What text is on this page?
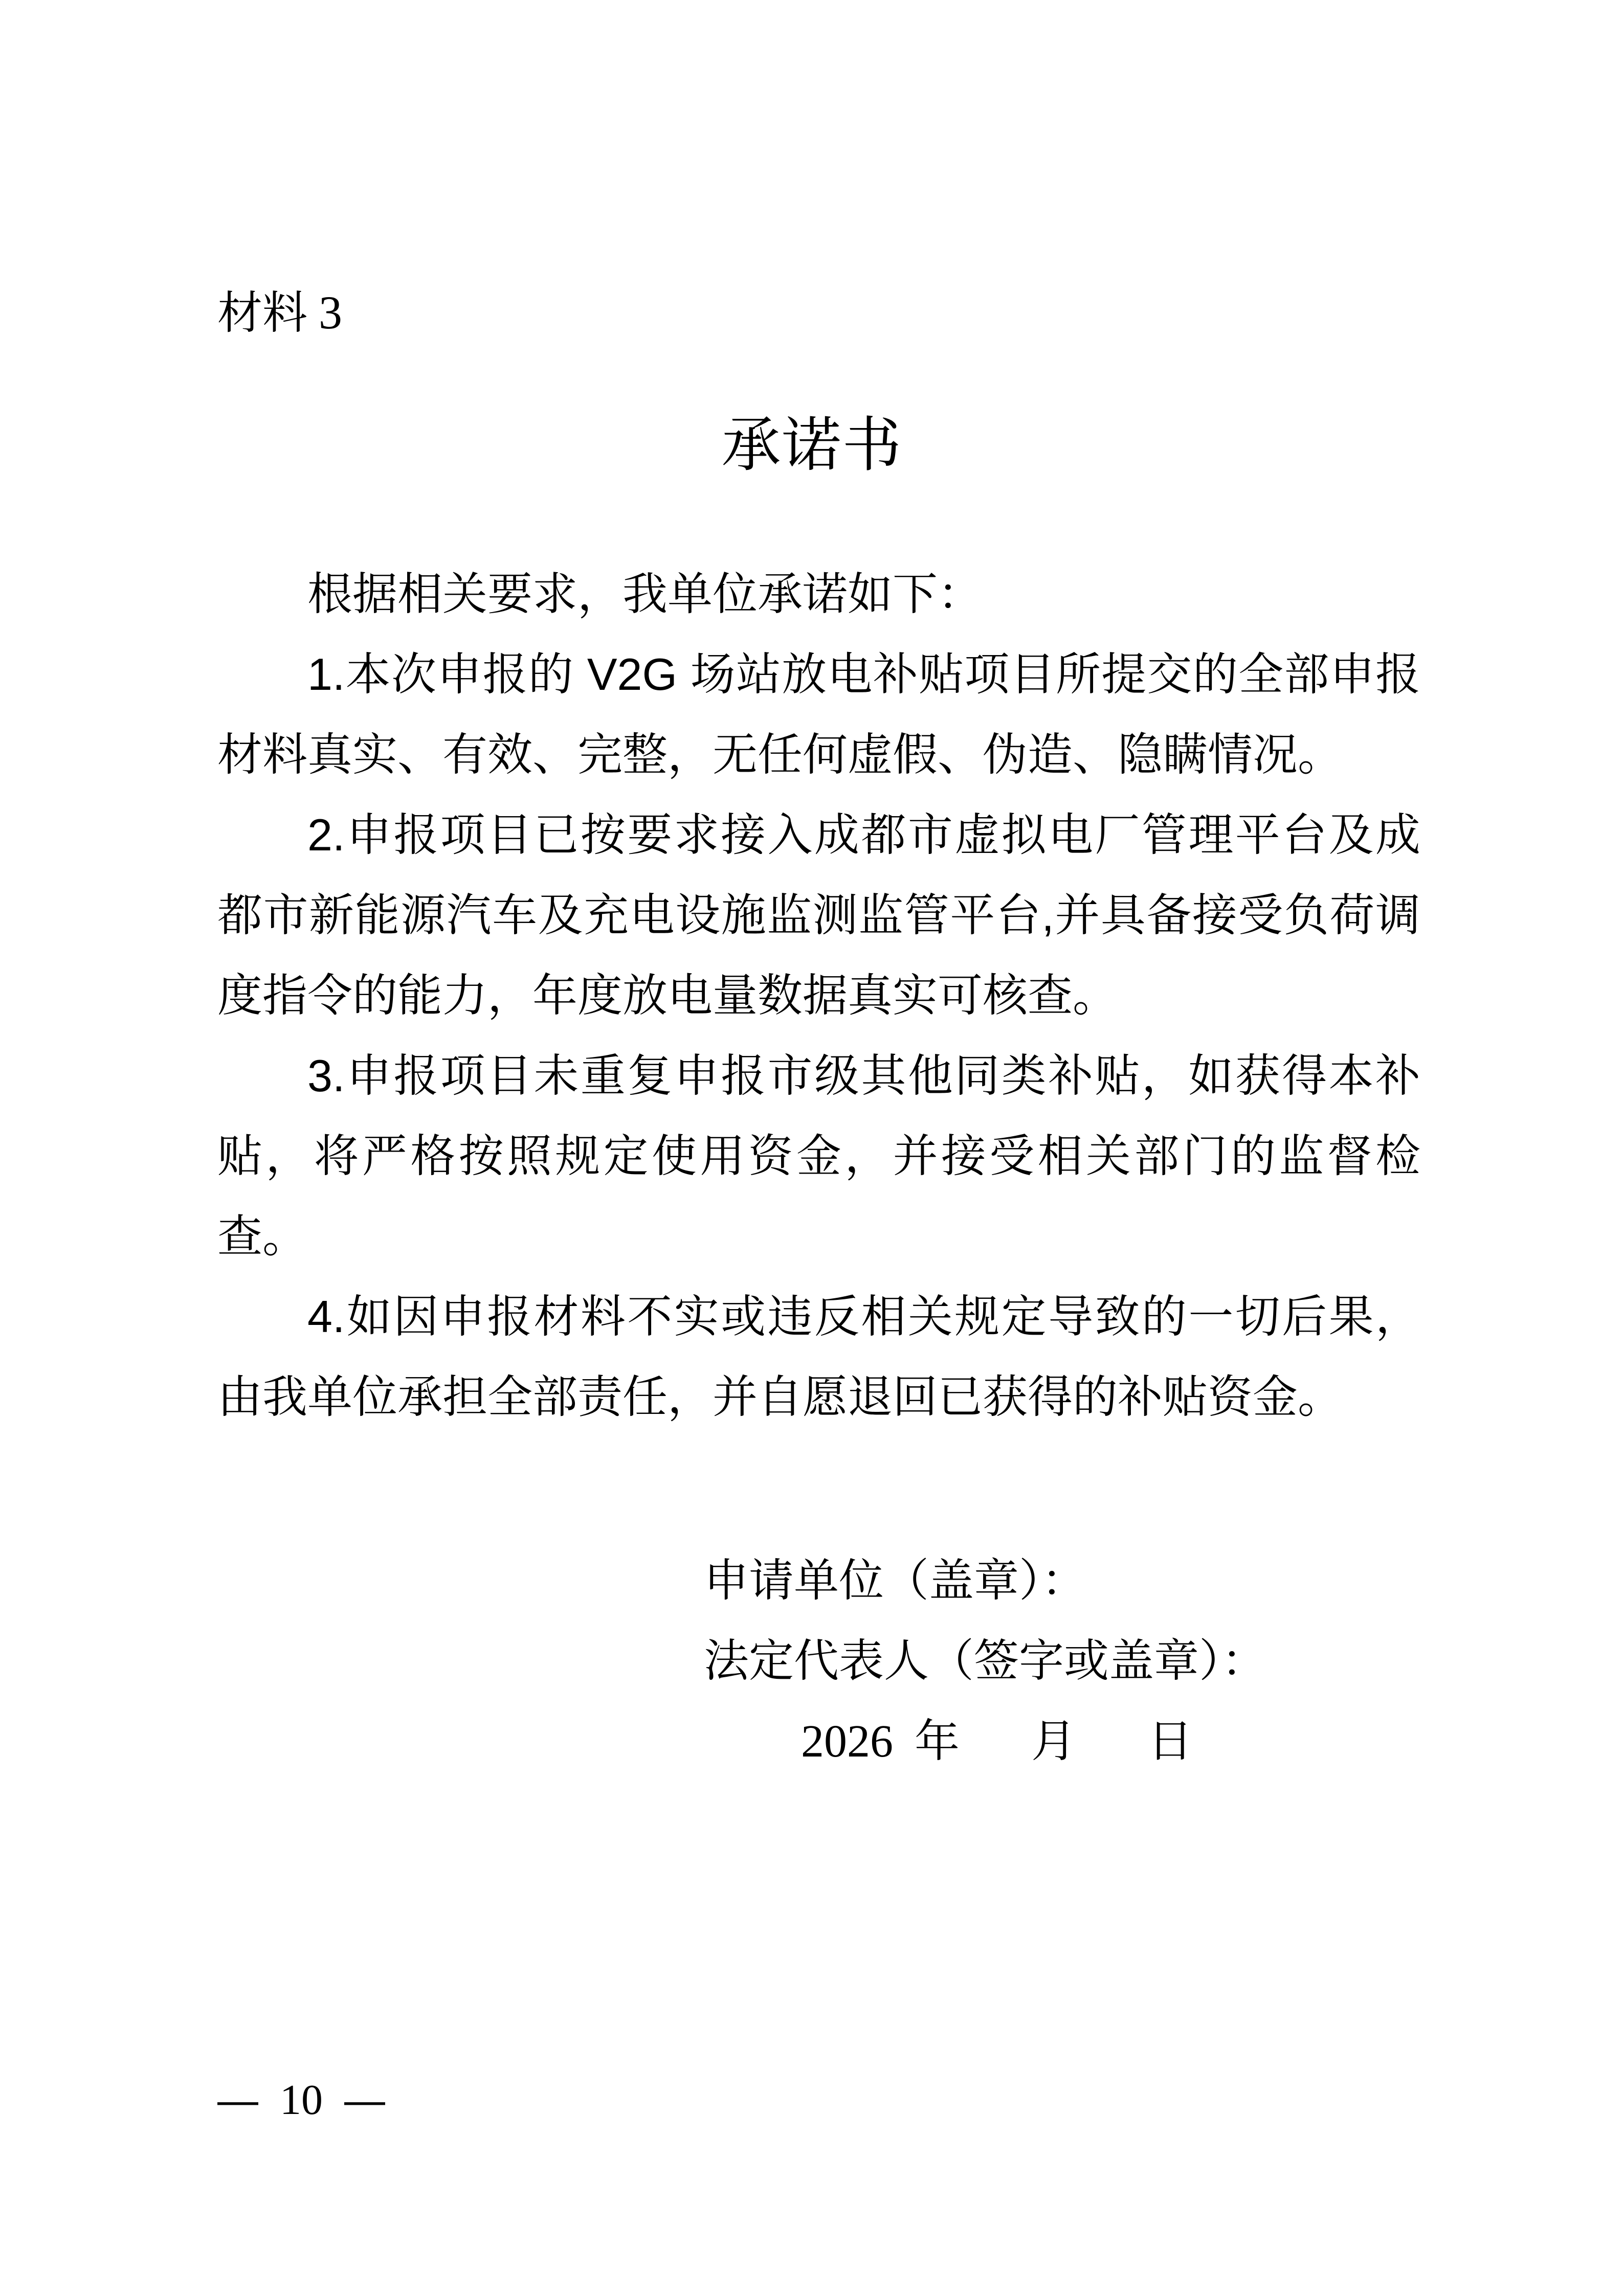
材料 3
承诺书

根据相关要求，我单位承诺如下：

1.本次申报的 V2G 场站放电补贴项目所提交的全部申报材料真实、有效、完整，无任何虚假、伪造、隐瞒情况。

2.申报项目已按要求接入成都市虚拟电厂管理平台及成都市新能源汽车及充电设施监测监管平台,并具备接受负荷调度指令的能力，年度放电量数据真实可核查。

3.申报项目未重复申报市级其他同类补贴，如获得本补贴，将严格按照规定使用资金，并接受相关部门的监督检查。

4.如因申报材料不实或违反相关规定导致的一切后果，由我单位承担全部责任，并自愿退回已获得的补贴资金。

申请单位（盖章）：
法定代表人（签字或盖章）：
2026 年 月 日
— 10 —
